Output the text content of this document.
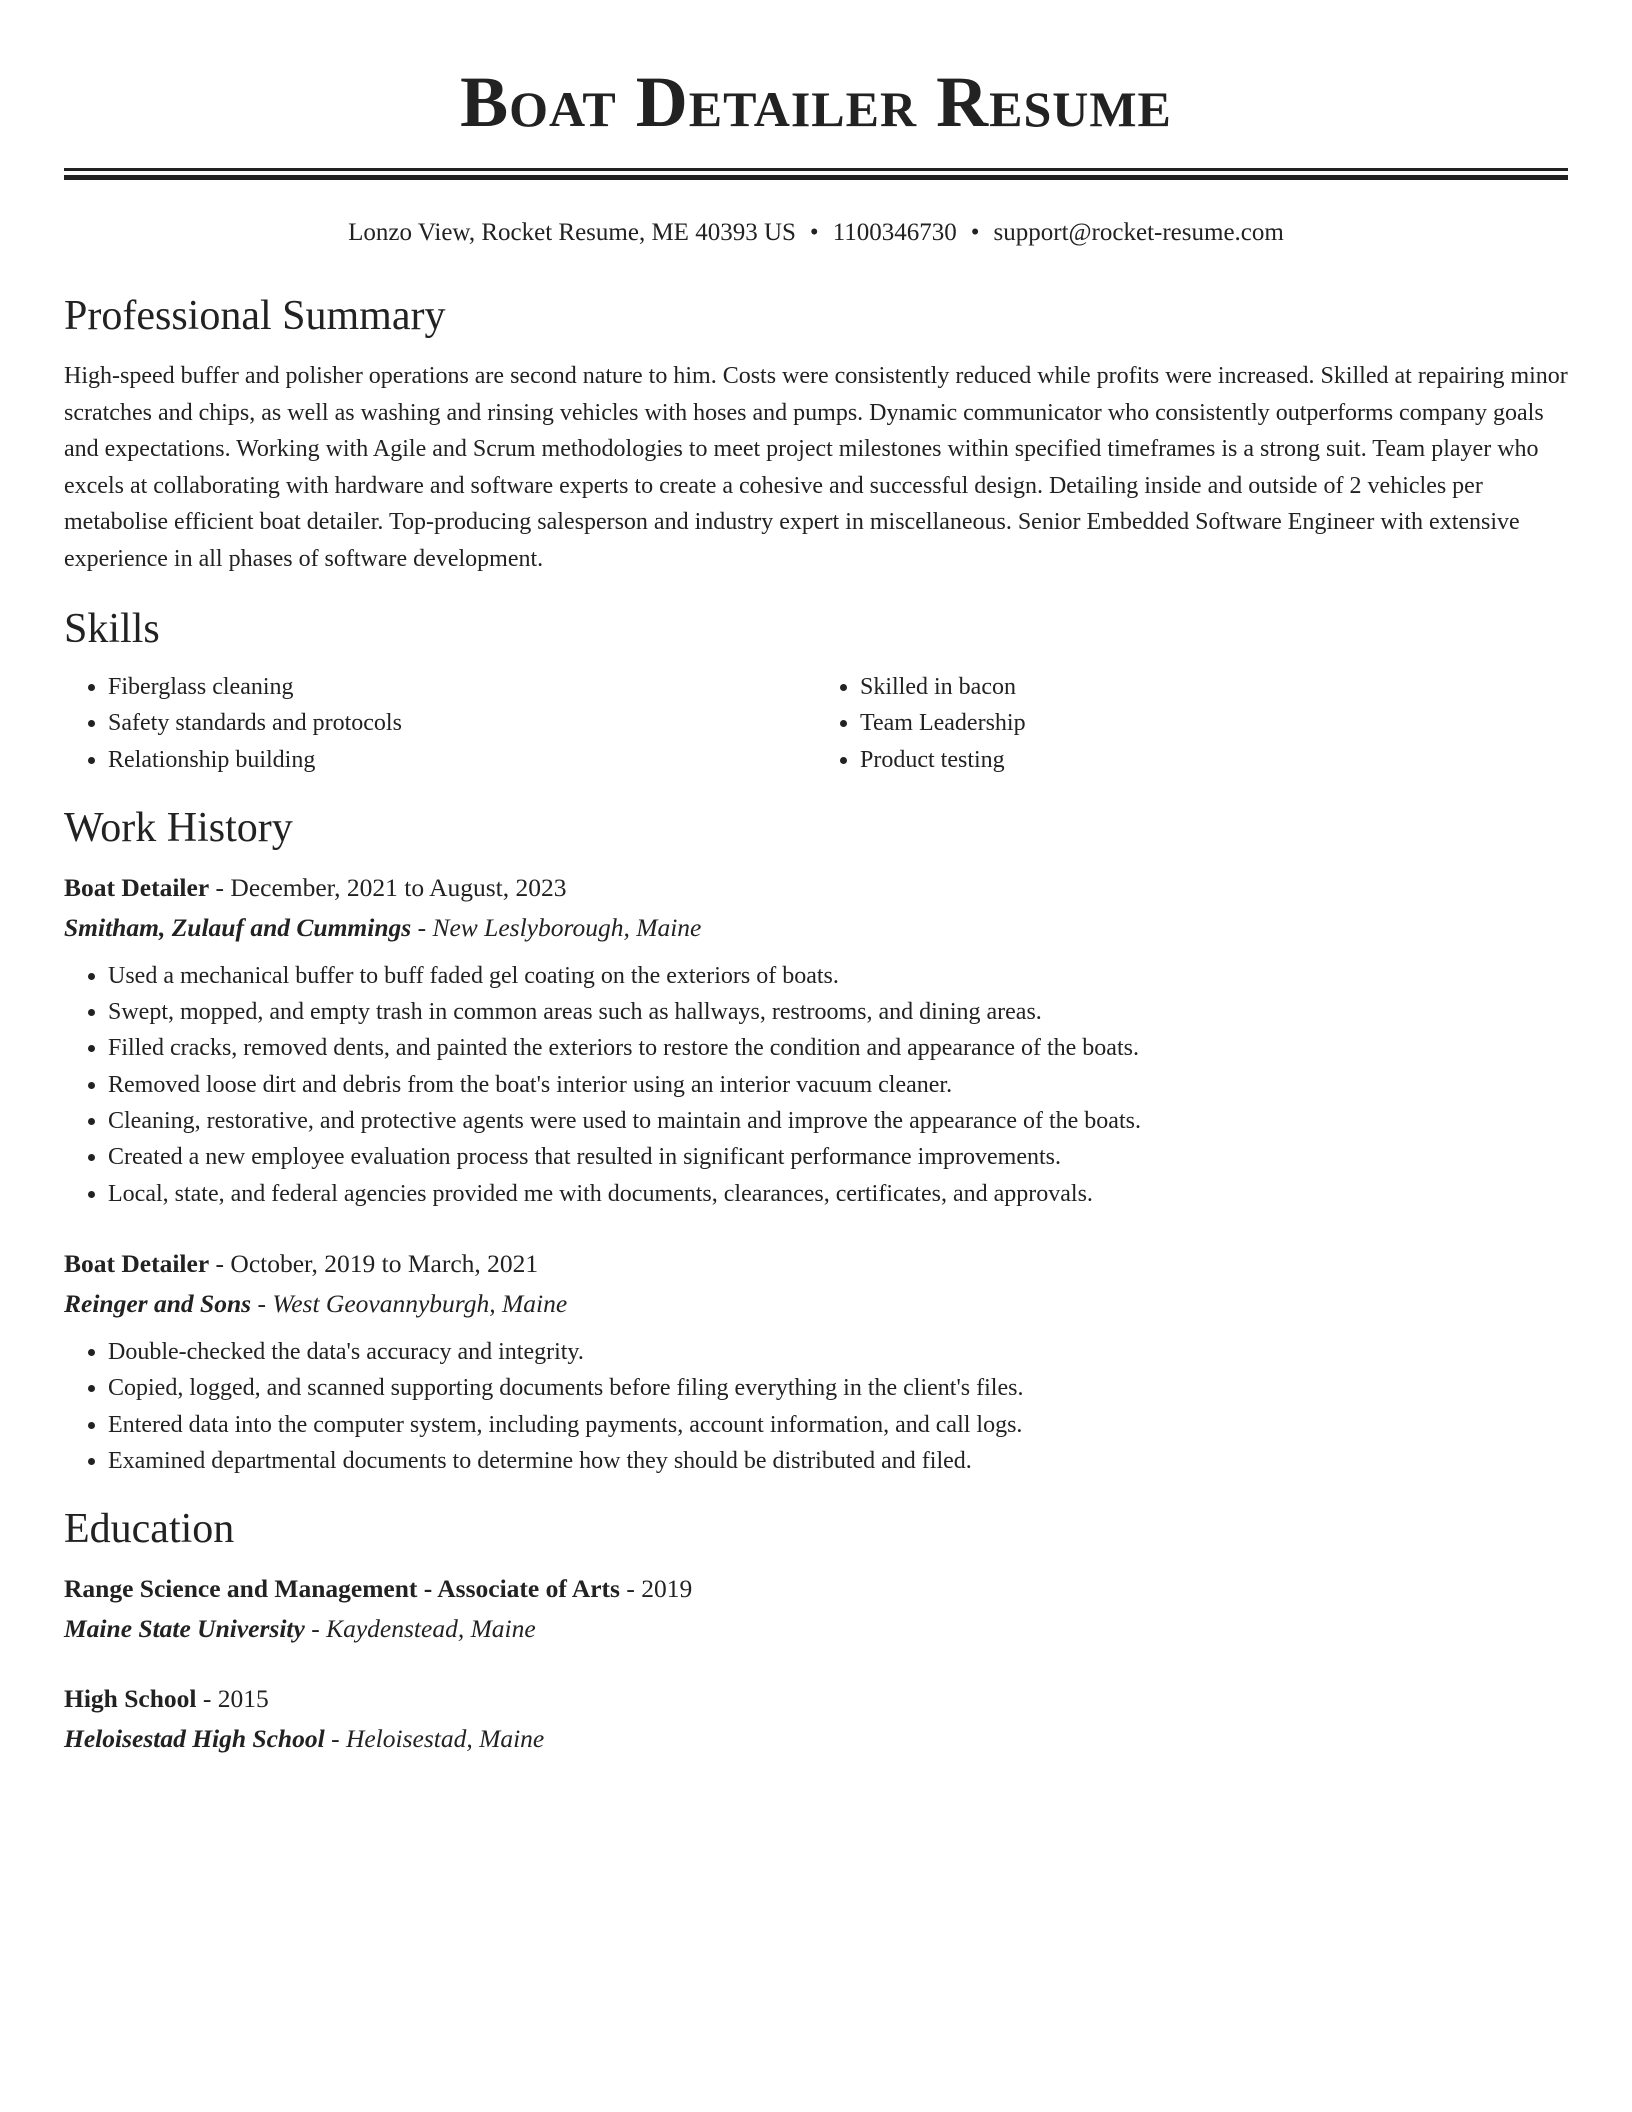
Boat Detailer Resume
Lonzo View, Rocket Resume, ME 40393 US • 1100346730 • support@rocket-resume.com
Professional Summary
High-speed buffer and polisher operations are second nature to him. Costs were consistently reduced while profits were increased. Skilled at repairing minor scratches and chips, as well as washing and rinsing vehicles with hoses and pumps. Dynamic communicator who consistently outperforms company goals and expectations. Working with Agile and Scrum methodologies to meet project milestones within specified timeframes is a strong suit. Team player who excels at collaborating with hardware and software experts to create a cohesive and successful design. Detailing inside and outside of 2 vehicles per metabolise efficient boat detailer. Top-producing salesperson and industry expert in miscellaneous. Senior Embedded Software Engineer with extensive experience in all phases of software development.
Skills
• Fiberglass cleaning
• Safety standards and protocols
• Relationship building
• Skilled in bacon
• Team Leadership
• Product testing
Work History
Boat Detailer - December, 2021 to August, 2023
Smitham, Zulauf and Cummings - New Leslyborough, Maine
• Used a mechanical buffer to buff faded gel coating on the exteriors of boats.
• Swept, mopped, and empty trash in common areas such as hallways, restrooms, and dining areas.
• Filled cracks, removed dents, and painted the exteriors to restore the condition and appearance of the boats.
• Removed loose dirt and debris from the boat's interior using an interior vacuum cleaner.
• Cleaning, restorative, and protective agents were used to maintain and improve the appearance of the boats.
• Created a new employee evaluation process that resulted in significant performance improvements.
• Local, state, and federal agencies provided me with documents, clearances, certificates, and approvals.
Boat Detailer - October, 2019 to March, 2021
Reinger and Sons - West Geovannyburgh, Maine
• Double-checked the data's accuracy and integrity.
• Copied, logged, and scanned supporting documents before filing everything in the client's files.
• Entered data into the computer system, including payments, account information, and call logs.
• Examined departmental documents to determine how they should be distributed and filed.
Education
Range Science and Management - Associate of Arts - 2019
Maine State University - Kaydenstead, Maine
High School - 2015
Heloisestad High School - Heloisestad, Maine
